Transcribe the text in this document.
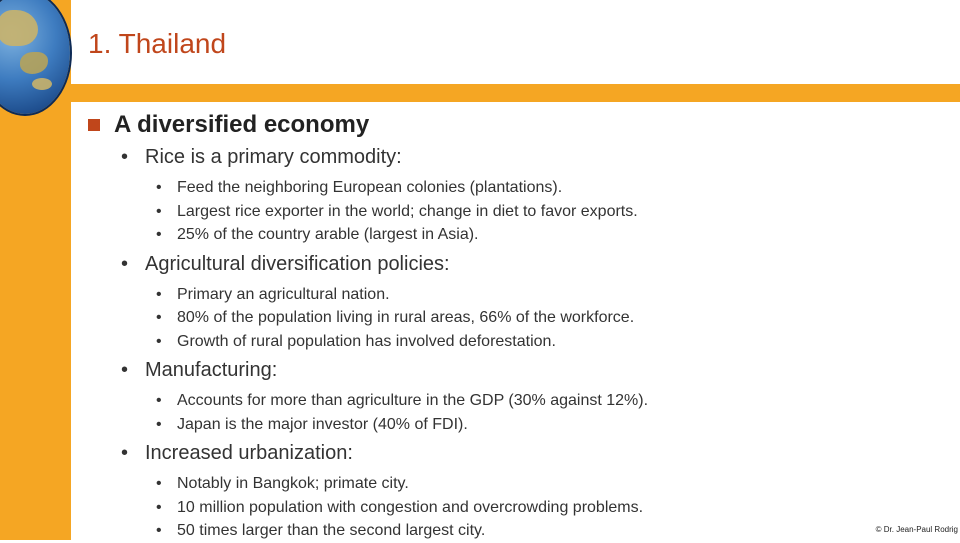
1. Thailand
A diversified economy
• Rice is a primary commodity:
• Feed the neighboring European colonies (plantations).
• Largest rice exporter in the world; change in diet to favor exports.
• 25% of the country arable (largest in Asia).
• Agricultural diversification policies:
• Primary an agricultural nation.
• 80% of the population living in rural areas, 66% of the workforce.
• Growth of rural population has involved deforestation.
• Manufacturing:
• Accounts for more than agriculture in the GDP (30% against 12%).
• Japan is the major investor (40% of FDI).
• Increased urbanization:
• Notably in Bangkok; primate city.
• 10 million population with congestion and overcrowding problems.
• 50 times larger than the second largest city.	© Dr. Jean-Paul Rodrig
